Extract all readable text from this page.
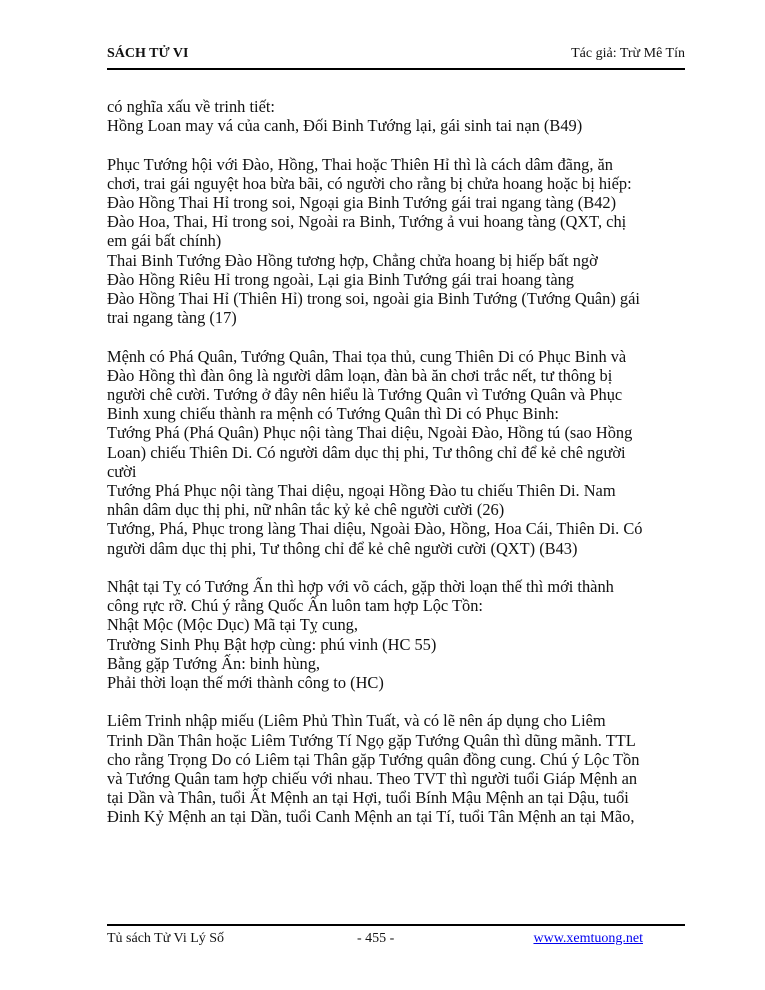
SÁCH TỬ VI	Tác giả: Trừ Mê Tín
có nghĩa xấu về trinh tiết:
Hồng Loan may vá của canh, Đối Binh Tướng lại, gái sinh tai nạn (B49)
Phục Tướng hội với Đào, Hồng, Thai hoặc Thiên Hỉ thì là cách dâm đãng, ăn
chơi, trai gái nguyệt hoa bừa bãi, có người cho rằng bị chửa hoang hoặc bị hiếp:
Đào Hồng Thai Hỉ trong soi, Ngoại gia Binh Tướng gái trai ngang tàng (B42)
Đào Hoa, Thai, Hỉ trong soi, Ngoài ra Binh, Tướng ả vui hoang tàng (QXT, chị
em gái bất chính)
Thai Binh Tướng Đào Hồng tương hợp, Chẳng chửa hoang bị hiếp bất ngờ
Đào Hồng Riêu Hỉ trong ngoài, Lại gia Binh Tướng gái trai hoang tàng
Đào Hồng Thai Hỉ (Thiên Hỉ) trong soi, ngoài gia Binh Tướng (Tướng Quân) gái
trai ngang tàng (17)
Mệnh có Phá Quân, Tướng Quân, Thai tọa thủ, cung Thiên Di có Phục Binh và
Đào Hồng thì đàn ông là người dâm loạn, đàn bà ăn chơi trắc nết, tư thông bị
người chê cười. Tướng ở đây nên hiểu là Tướng Quân vì Tướng Quân và Phục
Binh xung chiếu thành ra mệnh có Tướng Quân thì Di có Phục Binh:
Tướng Phá (Phá Quân) Phục nội tàng Thai diệu, Ngoài Đào, Hồng tú (sao Hồng
Loan) chiếu Thiên Di. Có người dâm dục thị phi, Tư thông chỉ để kẻ chê người
cười
Tướng Phá Phục nội tàng Thai diệu, ngoại Hồng Đào tu chiếu Thiên Di. Nam
nhân dâm dục thị phi, nữ nhân tắc kỷ kẻ chê người cười (26)
Tướng, Phá, Phục trong làng Thai diệu, Ngoài Đào, Hồng, Hoa Cái, Thiên Di. Có
người dâm dục thị phi, Tư thông chỉ để kẻ chê người cười (QXT) (B43)
Nhật tại Tỵ có Tướng Ấn thì hợp với võ cách, gặp thời loạn thế thì mới thành
công rực rỡ. Chú ý rằng Quốc Ấn luôn tam hợp Lộc Tồn:
Nhật Mộc (Mộc Dục) Mã tại Tỵ cung,
Trường Sinh Phụ Bật hợp cùng: phú vinh (HC 55)
Bằng gặp Tướng Ấn: binh hùng,
Phải thời loạn thế mới thành công to (HC)
Liêm Trinh nhập miếu (Liêm Phủ Thìn Tuất, và có lẽ nên áp dụng cho Liêm
Trinh Dần Thân hoặc Liêm Tướng Tí Ngọ gặp Tướng Quân thì dũng mãnh. TTL
cho rằng Trọng Do có Liêm tại Thân gặp Tướng quân đồng cung. Chú ý Lộc Tồn
và Tướng Quân tam hợp chiếu với nhau. Theo TVT thì người tuổi Giáp Mệnh an
tại Dần và Thân, tuổi Ất Mệnh an tại Hợi, tuổi Bính Mậu Mệnh an tại Dậu, tuổi
Đinh Kỷ Mệnh an tại Dần, tuổi Canh Mệnh an tại Tí, tuổi Tân Mệnh an tại Mão,
Tủ sách Tử Vi Lý Số	- 455 -	www.xemtuong.net
